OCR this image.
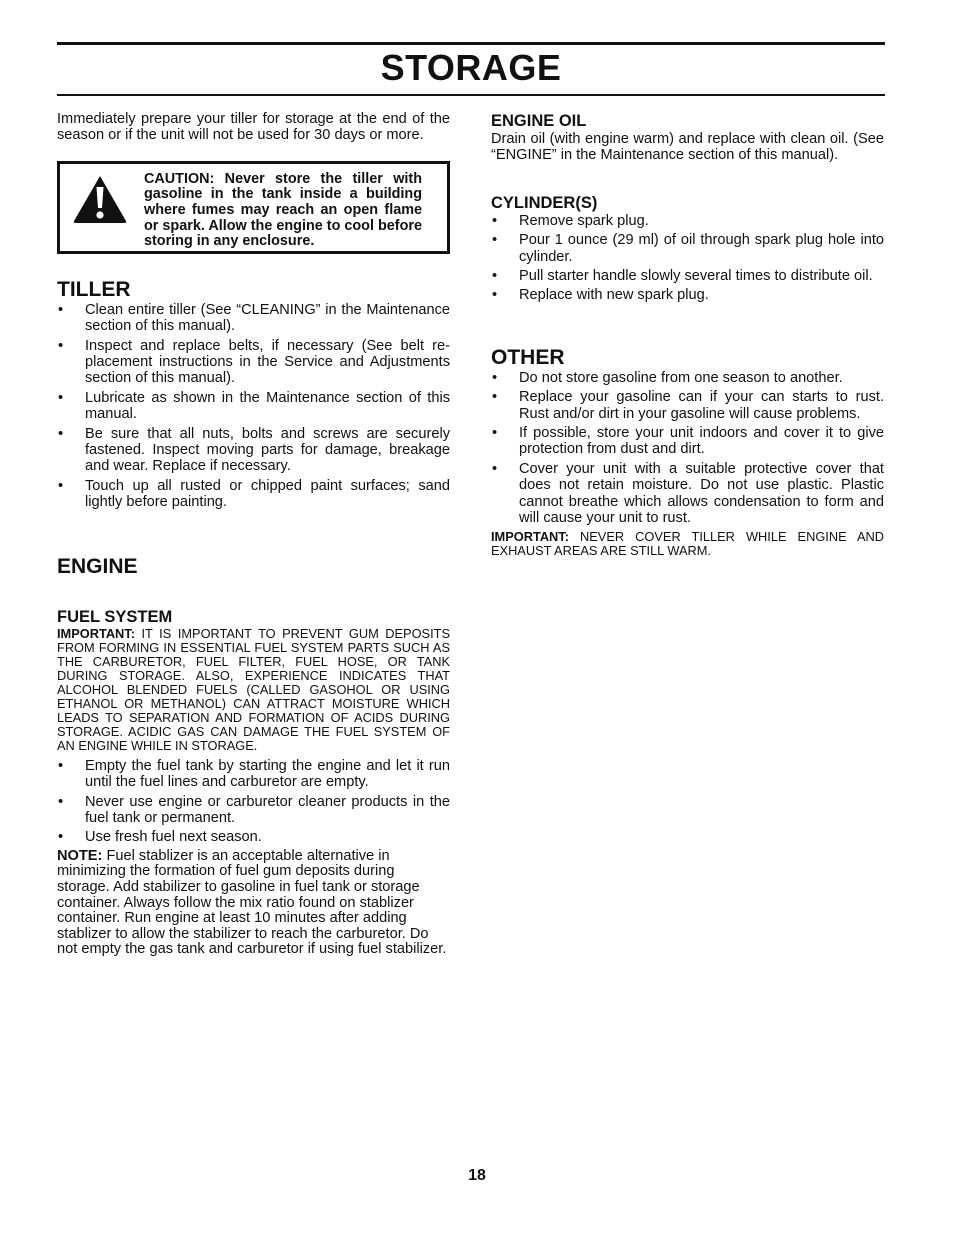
STORAGE

Immediately prepare your tiller for storage at the end of the season or if the unit will not be used for 30 days or more.

CAUTION: Never store the tiller with gasoline in the tank inside a building where fumes may reach an open flame or spark. Allow the engine to cool before storing in any enclosure.
TILLER
• Clean entire tiller (See “CLEANING” in the Maintenance section of this manual).
• Inspect and replace belts, if necessary (See belt re-placement instructions in the Service and Adjustments section of this manual).
• Lubricate as shown in the Maintenance section of this manual.
• Be sure that all nuts, bolts and screws are securely fastened. Inspect moving parts for damage, breakage and wear. Replace if necessary.
• Touch up all rusted or chipped paint surfaces; sand lightly before painting.
ENGINE
FUEL SYSTEM

IMPORTANT: IT IS IMPORTANT TO PREVENT GUM DEPOSITS FROM FORMING IN ESSENTIAL FUEL SYSTEM PARTS SUCH AS THE CARBURETOR, FUEL FILTER, FUEL HOSE, OR TANK DURING STORAGE. ALSO, EXPERIENCE INDICATES THAT ALCOHOL BLENDED FUELS (CALLED GASOHOL OR USING ETHANOL OR METHANOL) CAN ATTRACT MOISTURE WHICH LEADS TO SEPARATION AND FORMATION OF ACIDS DURING STORAGE. ACIDIC GAS CAN DAMAGE THE FUEL SYSTEM OF AN ENGINE WHILE IN STORAGE.

• Empty the fuel tank by starting the engine and let it run until the fuel lines and carburetor are empty.
• Never use engine or carburetor cleaner products in the fuel tank or permanent.
• Use fresh fuel next season.

NOTE: Fuel stablizer is an acceptable alternative in minimizing the formation of fuel gum deposits during storage. Add stabilizer to gasoline in fuel tank or storage container. Always follow the mix ratio found on stablizer container. Run engine at least 10 minutes after adding stablizer to allow the stabilizer to reach the carburetor. Do not empty the gas tank and carburetor if using fuel stabilizer.

ENGINE OIL

Drain oil (with engine warm) and replace with clean oil. (See “ENGINE” in the Maintenance section of this manual).

CYLINDER(S)
• Remove spark plug.
• Pour 1 ounce (29 ml) of oil through spark plug hole into cylinder.
• Pull starter handle slowly several times to distribute oil.
• Replace with new spark plug.
OTHER
• Do not store gasoline from one season to another.
• Replace your gasoline can if your can starts to rust. Rust and/or dirt in your gasoline will cause problems.
• If possible, store your unit indoors and cover it to give protection from dust and dirt.
• Cover your unit with a suitable protective cover that does not retain moisture. Do not use plastic. Plastic cannot breathe which allows condensation to form and will cause your unit to rust.

IMPORTANT: NEVER COVER TILLER WHILE ENGINE AND EXHAUST AREAS ARE STILL WARM.

18
